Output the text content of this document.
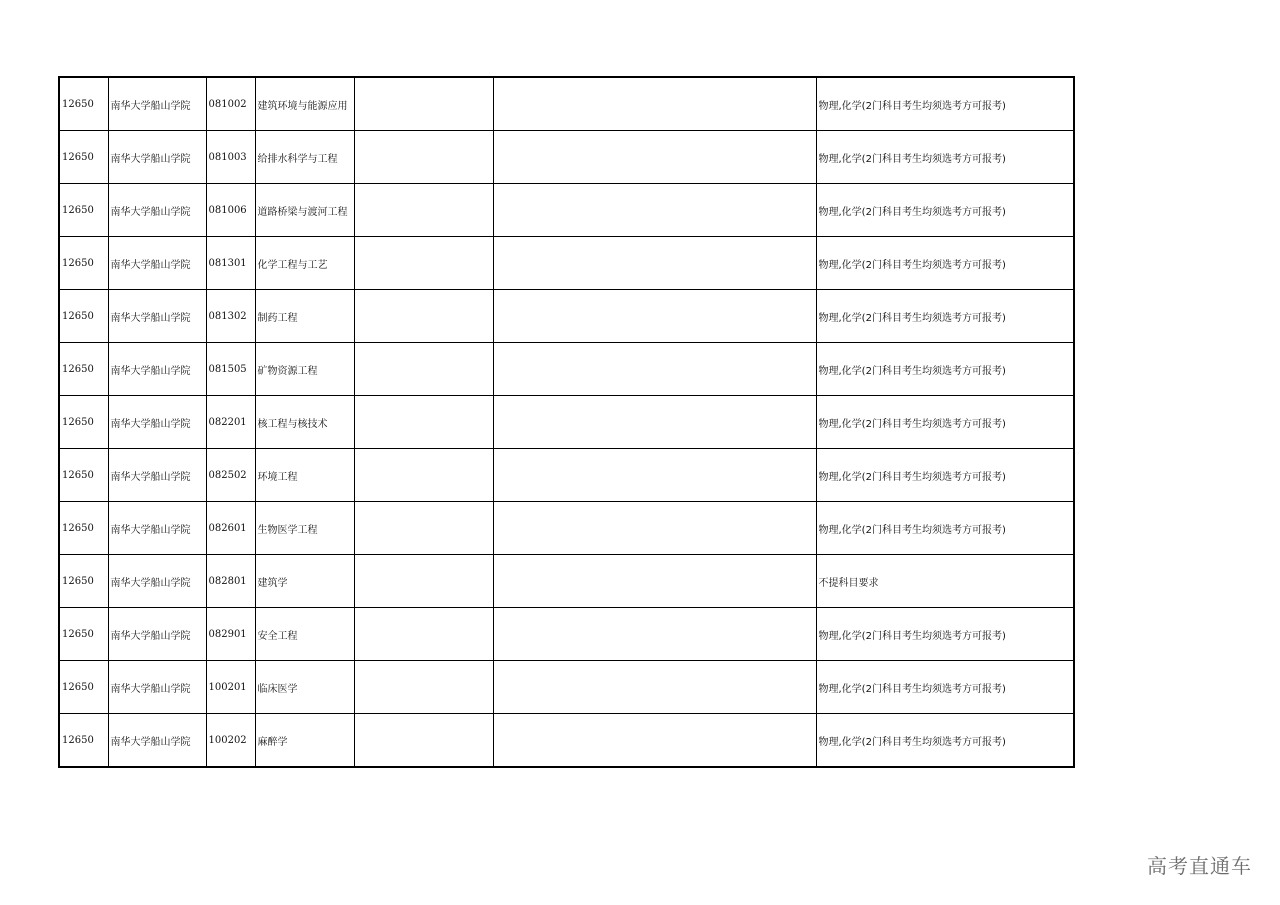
12650	南华大学船山学院	081002	建筑环境与能源应用			物理,化学(2门科目考生均须选考方可报考)
12650	南华大学船山学院	081003	给排水科学与工程			物理,化学(2门科目考生均须选考方可报考)
12650	南华大学船山学院	081006	道路桥梁与渡河工程			物理,化学(2门科目考生均须选考方可报考)
12650	南华大学船山学院	081301	化学工程与工艺			物理,化学(2门科目考生均须选考方可报考)
12650	南华大学船山学院	081302	制药工程			物理,化学(2门科目考生均须选考方可报考)
12650	南华大学船山学院	081505	矿物资源工程			物理,化学(2门科目考生均须选考方可报考)
12650	南华大学船山学院	082201	核工程与核技术			物理,化学(2门科目考生均须选考方可报考)
12650	南华大学船山学院	082502	环境工程			物理,化学(2门科目考生均须选考方可报考)
12650	南华大学船山学院	082601	生物医学工程			物理,化学(2门科目考生均须选考方可报考)
12650	南华大学船山学院	082801	建筑学			不提科目要求
12650	南华大学船山学院	082901	安全工程			物理,化学(2门科目考生均须选考方可报考)
12650	南华大学船山学院	100201	临床医学			物理,化学(2门科目考生均须选考方可报考)
12650	南华大学船山学院	100202	麻醉学			物理,化学(2门科目考生均须选考方可报考)
高考直通车
